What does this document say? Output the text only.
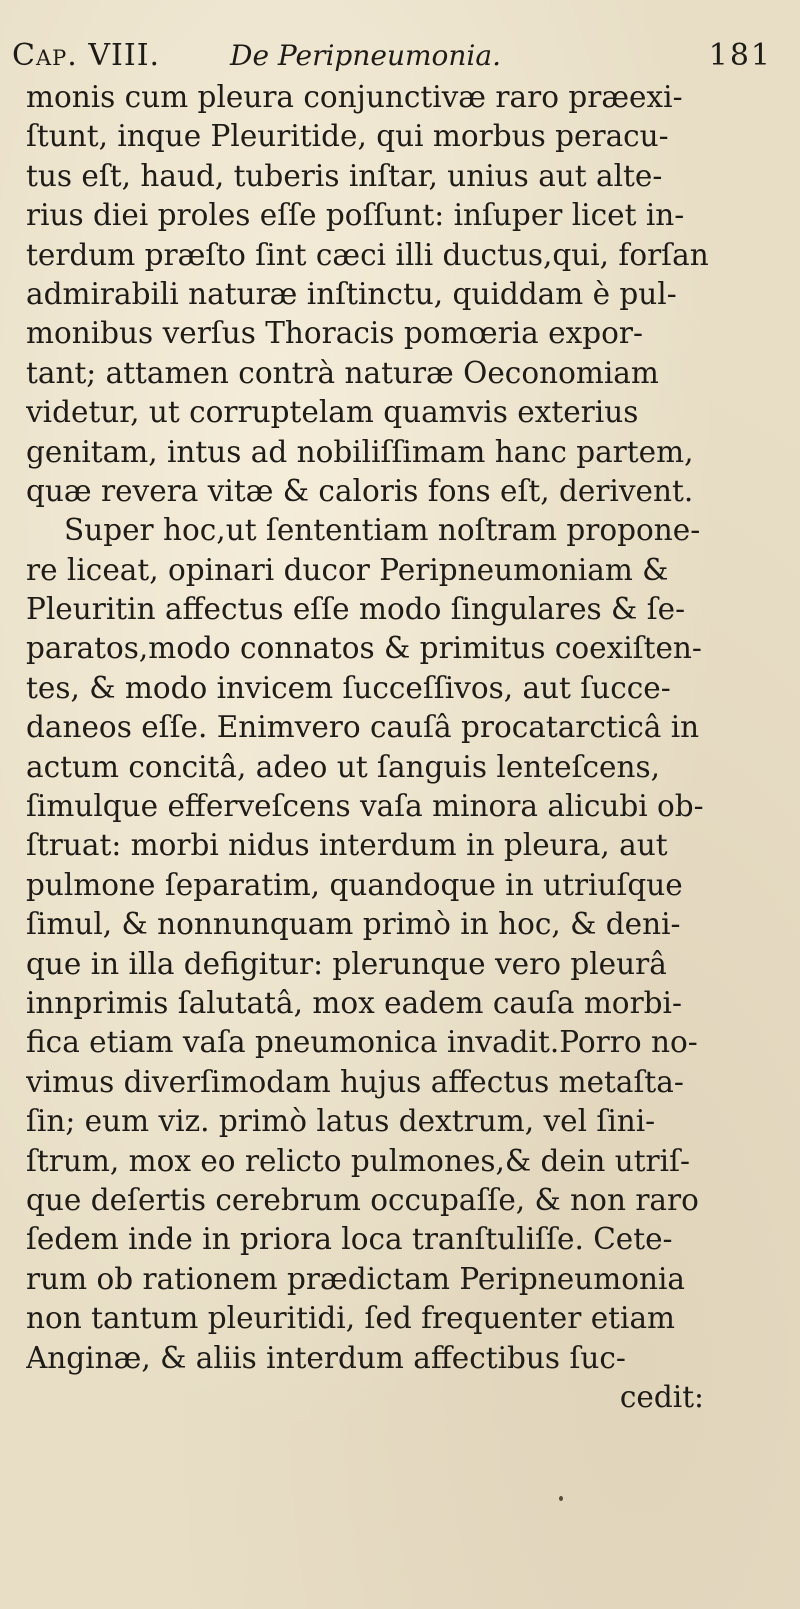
Cap. VIII. De Peripneumonia.	181
monis cum pleura conjunctivæ raro præexi-
ſtunt, inque Pleuritide, qui morbus peracu-
tus eſt, haud, tuberis inſtar, unius aut alte-
rius diei proles eſſe poſſunt: inſuper licet in-
terdum præſto ſint cæci illi ductus,qui, forſan
admirabili naturæ inſtinctu, quiddam è pul-
monibus verſus Thoracis pomœria expor-
tant; attamen contrà naturæ Oeconomiam
videtur, ut corruptelam quamvis exterius
genitam, intus ad nobiliſſimam hanc partem,
quæ revera vitæ & caloris fons eſt, derivent.
Super hoc,ut ſententiam noſtram propone-
re liceat, opinari ducor Peripneumoniam &
Pleuritin affectus eſſe modo ſingulares & ſe-
paratos,modo connatos & primitus coexiſten-
tes, & modo invicem ſucceſſivos, aut ſucce-
daneos eſſe. Enimvero cauſâ procatarcticâ in
actum concitâ, adeo ut ſanguis lenteſcens,
ſimulque efferveſcens vaſa minora alicubi ob-
ſtruat: morbi nidus interdum in pleura, aut
pulmone ſeparatim, quandoque in utriuſque
ſimul, & nonnunquam primò in hoc, & deni-
que in illa defigitur: plerunque vero pleurâ
innprimis ſalutatâ, mox eadem cauſa morbi-
fica etiam vaſa pneumonica invadit.Porro no-
vimus diverſimodam hujus affectus metaſta-
ſin; eum viz. primò latus dextrum, vel ſini-
ſtrum, mox eo relicto pulmones,& dein utriſ-
que deſertis cerebrum occupaſſe, & non raro
ſedem inde in priora loca tranſtuliſſe. Cete-
rum ob rationem prædictam Peripneumonia
non tantum pleuritidi, ſed frequenter etiam
Anginæ, & aliis interdum affectibus ſuc-
cedit:
